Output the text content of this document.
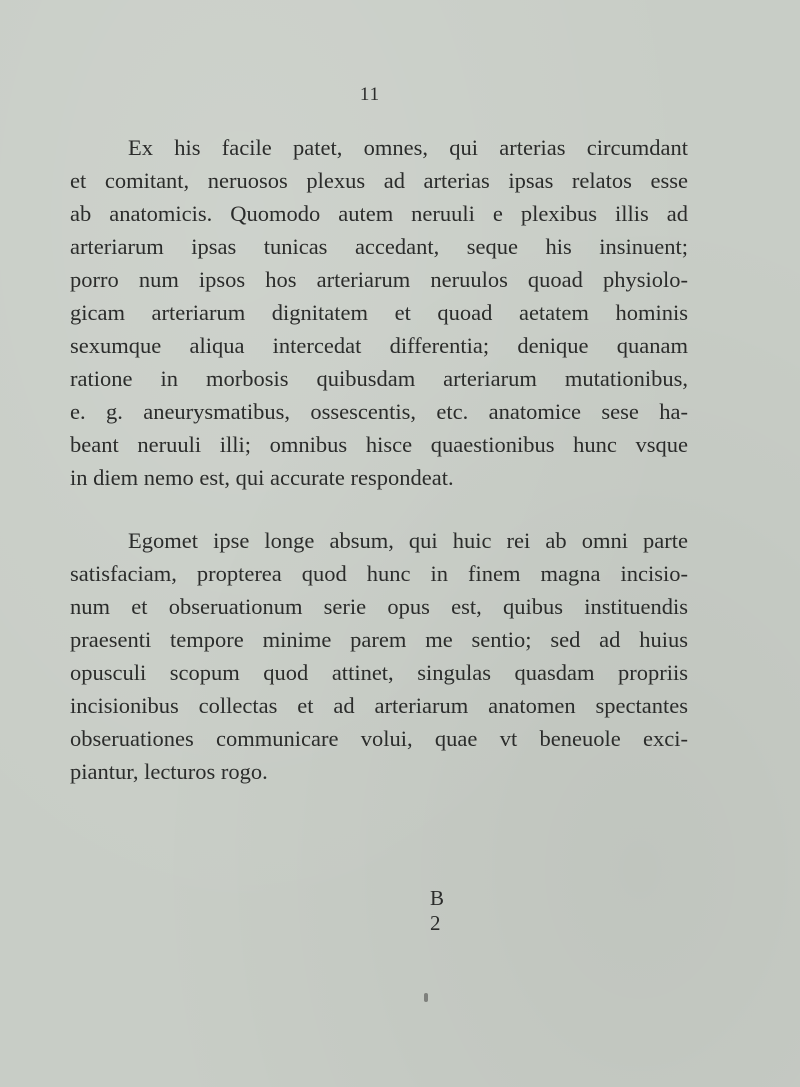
11
Ex his facile patet, omnes, qui arterias circumdant
et comitant, neruosos plexus ad arterias ipsas relatos esse
ab anatomicis. Quomodo autem neruuli e plexibus illis ad
arteriarum ipsas tunicas accedant, seque his insinuent;
porro num ipsos hos arteriarum neruulos quoad physiolo-
gicam arteriarum dignitatem et quoad aetatem hominis
sexumque aliqua intercedat differentia; denique quanam
ratione in morbosis quibusdam arteriarum mutationibus,
e. g. aneurysmatibus, ossescentis, etc. anatomice sese ha-
beant neruuli illi; omnibus hisce quaestionibus hunc vsque
in diem nemo est, qui accurate respondeat.
Egomet ipse longe absum, qui huic rei ab omni parte
satisfaciam, propterea quod hunc in finem magna incisio-
num et obseruationum serie opus est, quibus instituendis
praesenti tempore minime parem me sentio; sed ad huius
opusculi scopum quod attinet, singulas quasdam propriis
incisionibus collectas et ad arteriarum anatomen spectantes
obseruationes communicare volui, quae vt beneuole exci-
piantur, lecturos rogo.
B 2
